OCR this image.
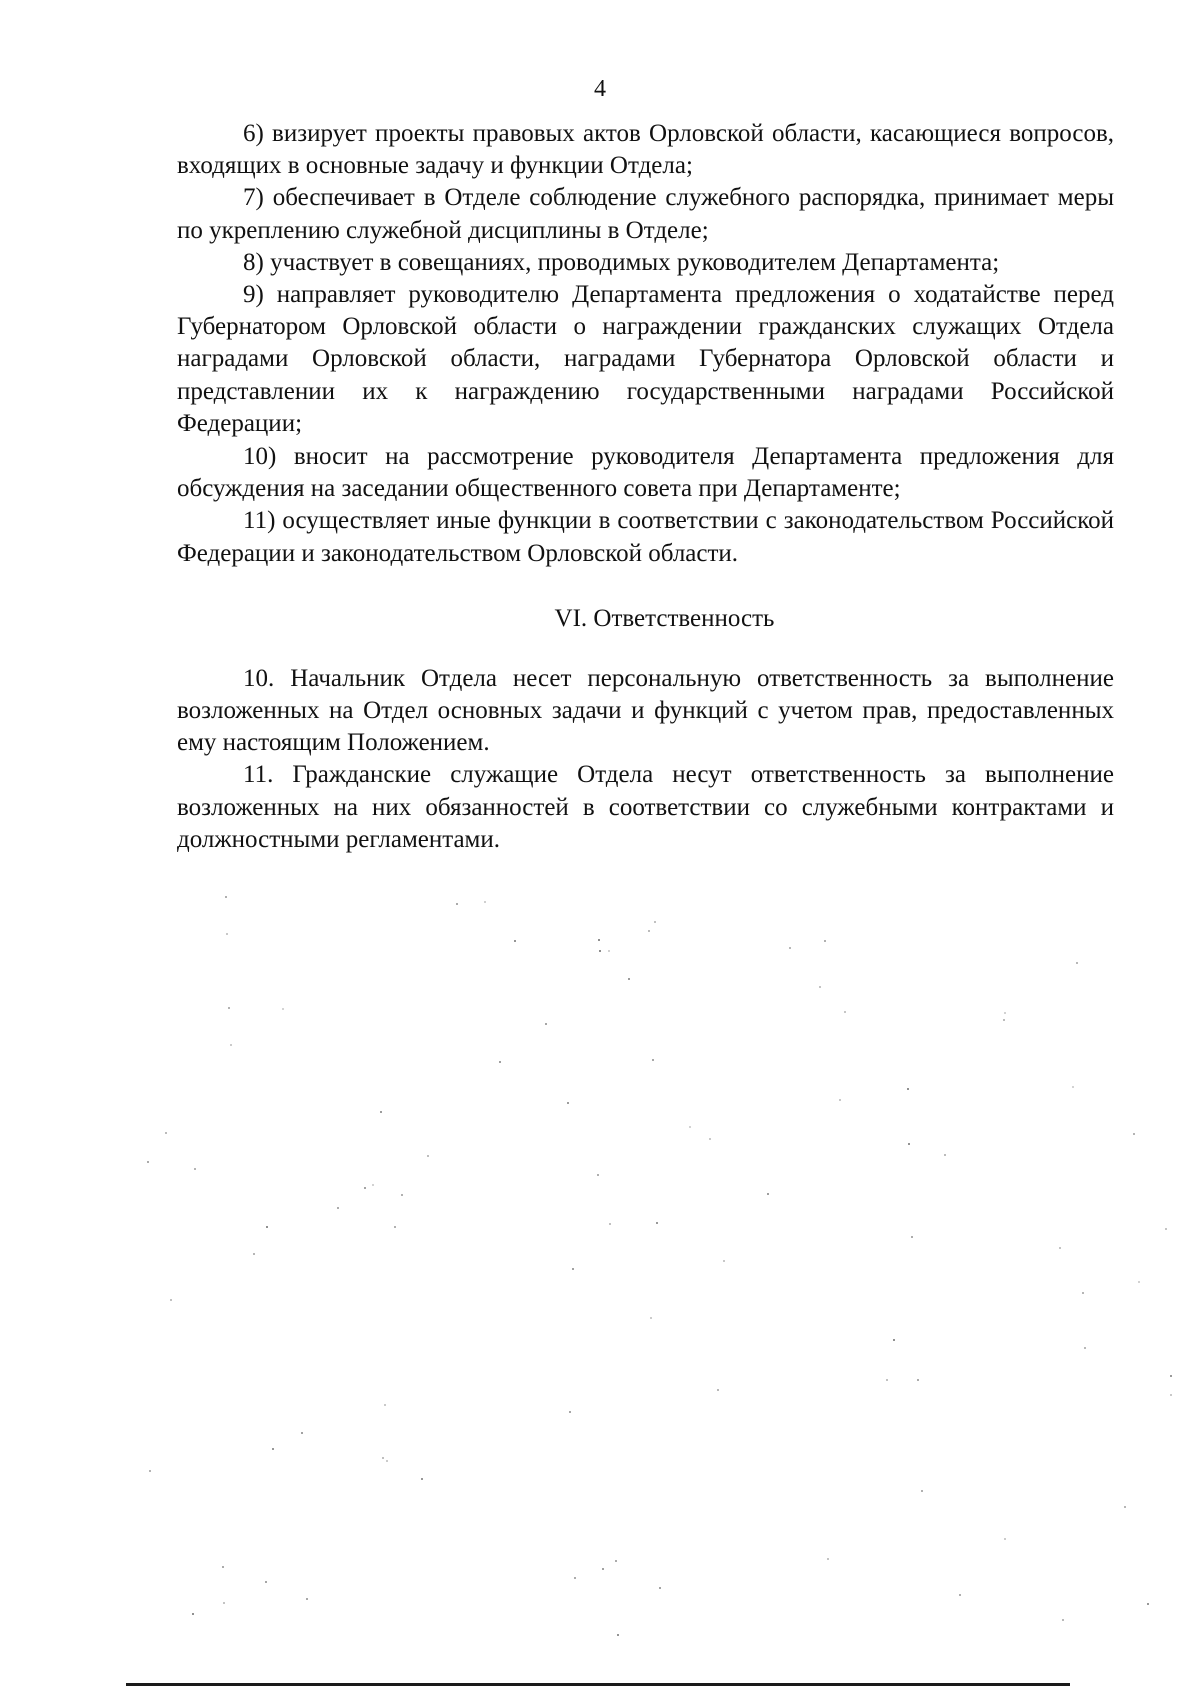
4

6) визирует проекты правовых актов Орловской области, касающиеся вопросов, входящих в основные задачу и функции Отдела;

7) обеспечивает в Отделе соблюдение служебного распорядка, принимает меры по укреплению служебной дисциплины в Отделе;

8) участвует в совещаниях, проводимых руководителем Департамента;

9) направляет руководителю Департамента предложения о ходатайстве перед Губернатором Орловской области о награждении гражданских служащих Отдела наградами Орловской области, наградами Губернатора Орловской области и представлении их к награждению государственными наградами Российской Федерации;

10) вносит на рассмотрение руководителя Департамента предложения для обсуждения на заседании общественного совета при Департаменте;

11) осуществляет иные функции в соответствии с законодательством Российской Федерации и законодательством Орловской области.

VI. Ответственность

10. Начальник Отдела несет персональную ответственность за выполнение возложенных на Отдел основных задачи и функций с учетом прав, предоставленных ему настоящим Положением.

11. Гражданские служащие Отдела несут ответственность за выполнение возложенных на них обязанностей в соответствии со служебными контрактами и должностными регламентами.
